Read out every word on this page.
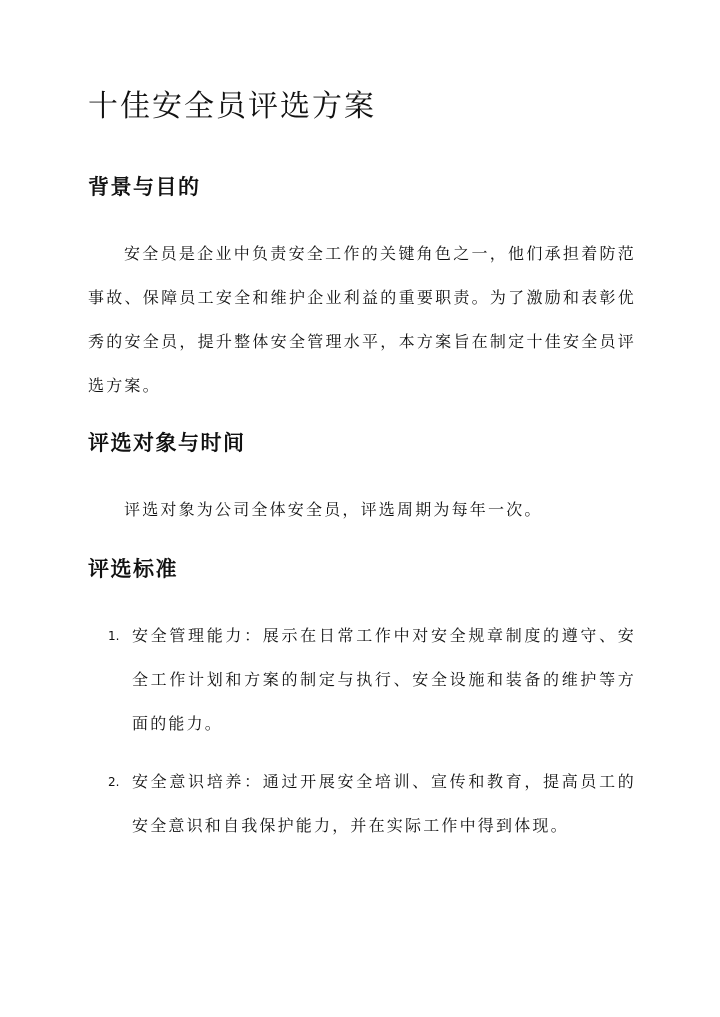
十佳安全员评选方案
背景与目的

安全员是企业中负责安全工作的关键角色之一，他们承担着防范事故、保障员工安全和维护企业利益的重要职责。为了激励和表彰优秀的安全员，提升整体安全管理水平，本方案旨在制定十佳安全员评选方案。

评选对象与时间

评选对象为公司全体安全员，评选周期为每年一次。

评选标准
1. 安全管理能力：展示在日常工作中对安全规章制度的遵守、安全工作计划和方案的制定与执行、安全设施和装备的维护等方面的能力。
2. 安全意识培养：通过开展安全培训、宣传和教育，提高员工的安全意识和自我保护能力，并在实际工作中得到体现。
